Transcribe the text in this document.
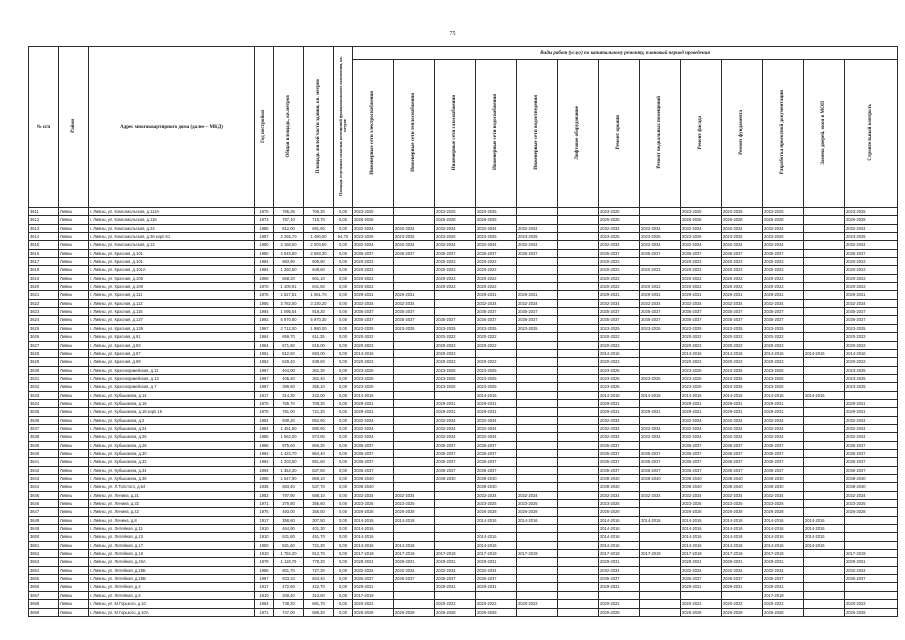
75
№ п/п	Район	Адрес многоквартирного дома (далее – МКД)	Год постройки	Общая площадь, кв.метров	Площадь жилой части здания, кв. метров	Площадь отдельных нежилых помещений функционального назначения, кв. метров	Виды работ (услуг) по капитальному ремонту, плановый период проведения												
							Инженерные сети электроснабжения	Инженерные сети теплоснабжения	Инженерные сети газоснабжения	Инженерные сети водоснабжения	Инженерные сети водоотведения	Лифтовое оборудование	Ремонт крыши	Ремонт подвальных помещений	Ремонт фасада	Ремонт фундамента	Разработка проектной документации	Замена дверей, окон в МОП	Строительный контроль
3611	Ливны	г. Ливны, ул. Комсомольская, д.114А	1970	795,25	706,30	0,00	2023-2025		2023-2025	2023-2025			2023-2025		2023-2025	2023-2025	2023-2025		2023-2025
3612	Ливны	г. Ливны, ул. Комсомольская, д.116	1973	787,10	718,70	0,00	2026-2028		2026-2028	2026-2028			2026-2028		2026-2028	2026-2028	2026-2028		2026-2028
3613	Ливны	г. Ливны, ул. Комсомольская, д.24	1986	812,00	691,60	0,00	2032-2034	2032-2034	2032-2034	2032-2034	2032-2034		2032-2034	2032-2034	2032-2034	2032-2034	2032-2034		2032-2034
3614	Ливны	г. Ливны, ул. Комсомольская, д.36 корп.51	1987	2 265,70	1 490,00	54,70	2023-2025	2023-2025	2023-2025	2023-2025	2023-2025		2023-2025	2023-2025	2023-2025	2023-2025	2023-2025		2023-2025
3615	Ливны	г. Ливны, ул. Комсомольская, д.12	1980	2 158,60	2 003,60	0,00	2032-2034	2032-2034	2032-2034	2032-2034	2032-2034		2032-2034	2032-2034	2032-2034	2032-2034	2032-2034		2032-2034
3616	Ливны	г. Ливны, ул. Красная, д.101	1980	2 945,60	2 693,30	0,00	2035-2037	2035-2037	2035-2037	2035-2037	2035-2037		2035-2037	2035-2037	2035-2037	2035-2037	2035-2037		2035-2037
3617	Ливны	г. Ливны, ул. Красная, д.101	1984	983,90	609,90	0,00	2020-2022		2020-2022	2020-2022			2020-2022		2020-2022	2020-2022	2020-2022		2020-2022
3618	Ливны	г. Ливны, ул. Красная, д.101А	1984	1 260,60	648,50	0,00	2020-2022		2020-2022	2020-2022			2020-2022	2020-2022	2020-2022	2020-2022	2020-2022		2020-2022
3619	Ливны	г. Ливны, ул. Красная, д.105	1966	658,20	601,10	0,00	2020-2022		2020-2022	2020-2022			2020-2022		2020-2022	2020-2022	2020-2022		2020-2022
3620	Ливны	г. Ливны, ул. Красная, д.109	1970	1 400,81	841,50	0,00	2020-2022		2020-2022	2020-2022			2020-2022	2020-2022	2020-2022	2020-2022	2020-2022		2020-2022
3621	Ливны	г. Ливны, ул. Красная, д.111	1976	1 527,81	1 061,70	0,00	2029-2031	2029-2031		2029-2031	2029-2031		2029-2031	2029-2031	2029-2031	2029-2031	2029-2031		2029-2031
3622	Ливны	г. Ливны, ул. Красная, д.113	1985	3 782,50	3 230,20	0,00	2032-2034	2032-2034		2032-2034	2032-2034		2032-2034	2032-2034	2032-2034	2032-2034	2032-2034		2032-2034
3623	Ливны	г. Ливны, ул. Красная, д.115	1994	1 095,54	918,20	0,00	2035-2037	2035-2037		2035-2037	2035-2037		2035-2037	2035-2037	2035-2037	2035-2037	2035-2037		2035-2037
3624	Ливны	г. Ливны, ул. Красная, д.137	1992	5 970,80	5 970,30	0,00	2035-2037	2035-2037	2035-2037	2035-2037	2035-2037		2035-2037	2035-2037	2035-2037	2035-2037	2035-2037		2035-2037
3625	Ливны	г. Ливны, ул. Красная, д.139	1967	2 712,00	1 980,00	0,00	2023-2025	2023-2025	2023-2025	2023-2025	2023-2025		2023-2025	2023-2025	2023-2025	2023-2025	2023-2025		2023-2025
3626	Ливны	г. Ливны, ул. Красная, д.91	1964	659,70	611,35	0,00	2020-2022		2020-2022	2020-2022			2020-2022		2020-2022	2020-2022	2020-2022		2020-2022
3627	Ливны	г. Ливны, ул. Красная, д.93	1964	671,50	615,00	0,00	2020-2022		2020-2022	2020-2022			2020-2022		2020-2022	2020-2022	2020-2022		2020-2022
3628	Ливны	г. Ливны, ул. Красная, д.97	1961	812,50	693,00	0,00	2014-2016		2020-2022				2014-2016		2014-2016	2014-2016	2014-2016	2014-2016	2014-2016
3629	Ливны	г. Ливны, ул. Красная, д.99	1962	629,40	638,60	0,00	2020-2022		2020-2022	2020-2022			2020-2022		2020-2022	2020-2022	2020-2022		2020-2022
3630	Ливны	г. Ливны, ул. Красноармейская, д.11	1967	404,00	362,30	0,00	2023-2025		2023-2025	2023-2025			2023-2025		2023-2025	2023-2025	2023-2025		2023-2025
3631	Ливны	г. Ливны, ул. Красноармейская, д.13	1967	405,20	362,40	0,00	2023-2025		2023-2025	2023-2025			2023-2025	2023-2025	2023-2025	2023-2025	2023-2025		2023-2025
3632	Ливны	г. Ливны, ул. Красноармейская, д.7	1967	399,50	355,10	0,00	2023-2025		2023-2025	2023-2025			2023-2025		2023-2025	2023-2025	2023-2025		2023-2025
3633	Ливны	г. Ливны, ул. Кубышкина, д.14	1917	314,30	242,00	0,00	2014-2016			2014-2016			2014-2016	2014-2016	2014-2016	2014-2016	2014-2016	2014-2016	
3634	Ливны	г. Ливны, ул. Кубышкина, д.16	1970	765,70	708,30	0,00	2029-2031		2029-2031	2029-2031			2029-2031		2029-2031	2029-2031	2029-2031		2029-2031
3635	Ливны	г. Ливны, ул. Кубышкина, д.18 корп.15	1976	781,00	721,20	0,00	2029-2031		2029-2031	2029-2031			2029-2031	2029-2031	2029-2031	2029-2031	2029-2031		2029-2031
3636	Ливны	г. Ливны, ул. Кубышкина, д.2	1954	939,20	852,60	0,00	2032-2034		2032-2034	2032-2034			2032-2034		2032-2034	2032-2034	2032-2034		2032-2034
3637	Ливны	г. Ливны, ул. Кубышкина, д.24	1984	1 451,90	880,60	0,00	2032-2034		2032-2034	2032-2034			2032-2034	2032-2034	2032-2034	2032-2034	2032-2034		2032-2034
3638	Ливны	г. Ливны, ул. Кубышкина, д.26	1986	1 562,00	874,80	0,00	2032-2034		2032-2034	2032-2034			2032-2034	2032-2034	2032-2034	2032-2034	2032-2034		2032-2034
3639	Ливны	г. Ливны, ул. Кубышкина, д.28	1988	975,60	866,30	0,00	2035-2037		2035-2037	2035-2037			2035-2037		2035-2037	2035-2037	2035-2037		2035-2037
3640	Ливны	г. Ливны, ул. Кубышкина, д.30	1992	1 424,70	864,40	0,00	2035-2037		2035-2037	2035-2037			2035-2037	2035-2037	2035-2037	2035-2037	2035-2037		2035-2037
3641	Ливны	г. Ливны, ул. Кубышкина, д.32	1992	1 203,60	851,60	0,00	2035-2037		2035-2037	2035-2037			2035-2037	2035-2037	2035-2037	2035-2037	2035-2037		2035-2037
3642	Ливны	г. Ливны, ул. Кубышкина, д.34	1994	1 354,30	837,60	0,00	2035-2037		2035-2037	2035-2037			2035-2037	2035-2037	2035-2037	2035-2037	2035-2037		2035-2037
3643	Ливны	г. Ливны, ул. Кубышкина, д.36	1995	1 547,90	869,10	0,00	2038-2040		2038-2040	2038-2040			2038-2040	2038-2040	2038-2040	2038-2040	2038-2040		2038-2040
3644	Ливны	г. Ливны, ул. Л.Толстого, д.64	1935	683,40	537,70	0,00	2038-2040			2038-2040			2038-2040		2038-2040	2038-2040	2038-2040		2038-2040
3645	Ливны	г. Ливны, ул. Ленина, д.21	1982	797,90	688,10	0,00	2032-2034	2032-2034		2032-2034	2032-2034		2032-2034	2032-2034	2032-2034	2032-2034	2032-2034		2032-2034
3646	Ливны	г. Ливны, ул. Ленина, д.32	1971	379,80	355,60	0,00	2023-2025	2023-2025		2023-2025	2023-2025		2023-2025		2023-2025	2023-2025	2023-2025		2023-2025
3647	Ливны	г. Ливны, ул. Ленина, д.42	1975	493,00	358,50	0,00	2026-2028	2026-2028		2026-2028	2026-2028		2026-2028		2026-2028	2026-2028	2026-2028		2026-2028
3648	Ливны	г. Ливны, ул. Ленина, д.8	1917	358,60	307,50	0,00	2014-2016	2014-2016		2014-2016	2014-2016		2014-2016	2014-2016	2014-2016	2014-2016	2014-2016	2014-2016	
3649	Ливны	г. Ливны, ул. Литейная, д.11	1910	464,90	401,30	0,00	2014-2016						2014-2016		2014-2016	2014-2016	2014-2016	2014-2016	
3650	Ливны	г. Ливны, ул. Литейная, д.13	1910	531,80	451,70	0,00	2014-2016			2014-2016			2014-2016		2014-2016	2014-2016	2014-2016	2014-2016	
3651	Ливны	г. Ливны, ул. Литейная, д.17	1950	831,60	721,30	0,00	2014-2016	2014-2016		2014-2016			2014-2016		2014-2016	2014-2016	2014-2016	2014-2016	
3652	Ливны	г. Ливны, ул. Литейная, д.19	1910	1 784,20	912,70	0,00	2017-2019	2017-2019	2017-2019	2017-2019	2017-2019		2017-2019	2017-2019	2017-2019	2017-2019	2017-2019		2017-2019
3653	Ливны	г. Ливны, ул. Литейная, д.26А	1978	1 118,70	778,20	0,00	2029-2031	2029-2031	2029-2031	2029-2031			2029-2031		2029-2031	2029-2031	2029-2031		2029-2031
3654	Ливны	г. Ливны, ул. Литейная, д.26Б	1985	801,70	727,20	0,00	2032-2034	2032-2034	2032-2034	2032-2034			2032-2034		2032-2034	2032-2034	2032-2034		2032-2034
3655	Ливны	г. Ливны, ул. Литейная, д.26В	1987	933,10	844,40	0,00	2035-2037	2035-2037	2035-2037	2035-2037			2035-2037		2035-2037	2035-2037	2035-2037		2035-2037
3656	Ливны	г. Ливны, ул. Литейная, д.4	1917	472,60	422,70	0,00	2029-2031		2029-2031	2029-2031			2029-2031		2029-2031	2029-2031	2029-2031		
3657	Ливны	г. Ливны, ул. Литейная, д.6	1910	340,40	312,60	0,00	2017-2019										2017-2019		
3658	Ливны	г. Ливны, ул. М.Горького, д.10	1964	738,20	681,70	0,00	2020-2022		2020-2022	2020-2022	2020-2022		2020-2022		2020-2022	2020-2022	2020-2022		2020-2022
3659	Ливны	г. Ливны, ул. М.Горького, д.10А	1971	747,00	688,20	0,00	2026-2028	2026-2028	2026-2028	2026-2028			2026-2028		2026-2028	2026-2028	2026-2028		2026-2028
